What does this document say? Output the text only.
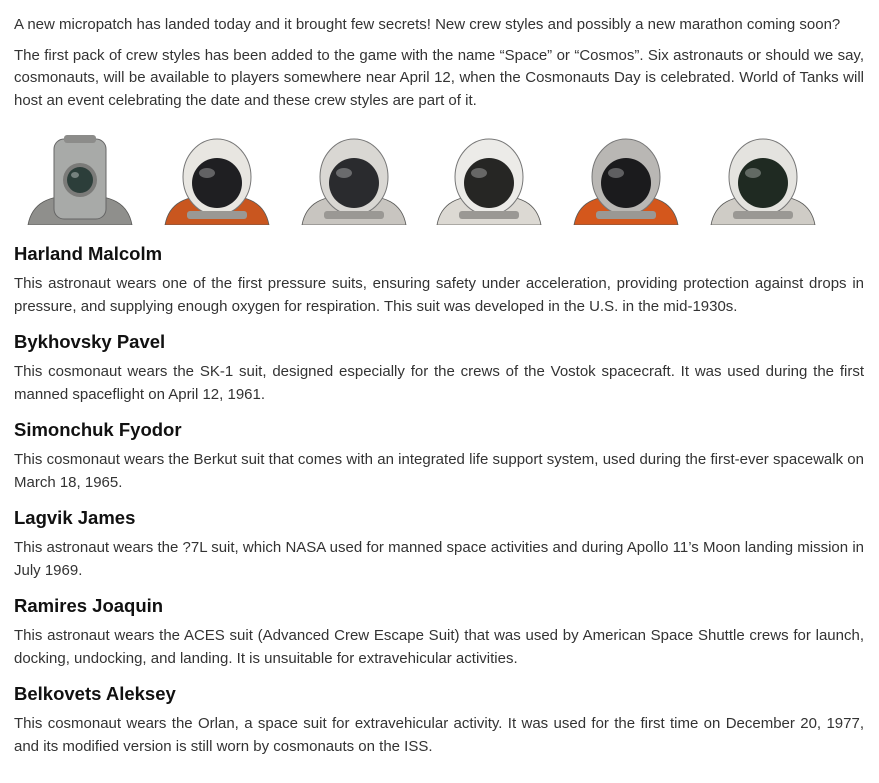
A new micropatch has landed today and it brought few secrets! New crew styles and possibly a new marathon coming soon?

The first pack of crew styles has been added to the game with the name “Space” or “Cosmos”. Six astronauts or should we say, cosmonauts, will be available to players somewhere near April 12, when the Cosmonauts Day is celebrated. World of Tanks will host an event celebrating the date and these crew styles are part of it.

Harland Malcolm

This astronaut wears one of the first pressure suits, ensuring safety under acceleration, providing protection against drops in pressure, and supplying enough oxygen for respiration. This suit was developed in the U.S. in the mid-1930s.

Bykhovsky Pavel

This cosmonaut wears the SK-1 suit, designed especially for the crews of the Vostok spacecraft. It was used during the first manned spaceflight on April 12, 1961.

Simonchuk Fyodor

This cosmonaut wears the Berkut suit that comes with an integrated life support system, used during the first-ever spacewalk on March 18, 1965.

Lagvik James

This astronaut wears the ?7L suit, which NASA used for manned space activities and during Apollo 11’s Moon landing mission in July 1969.

Ramires Joaquin

This astronaut wears the ACES suit (Advanced Crew Escape Suit) that was used by American Space Shuttle crews for launch, docking, undocking, and landing. It is unsuitable for extravehicular activities.

Belkovets Aleksey

This cosmonaut wears the Orlan, a space suit for extravehicular activity. It was used for the first time on December 20, 1977, and its modified version is still worn by cosmonauts on the ISS.
